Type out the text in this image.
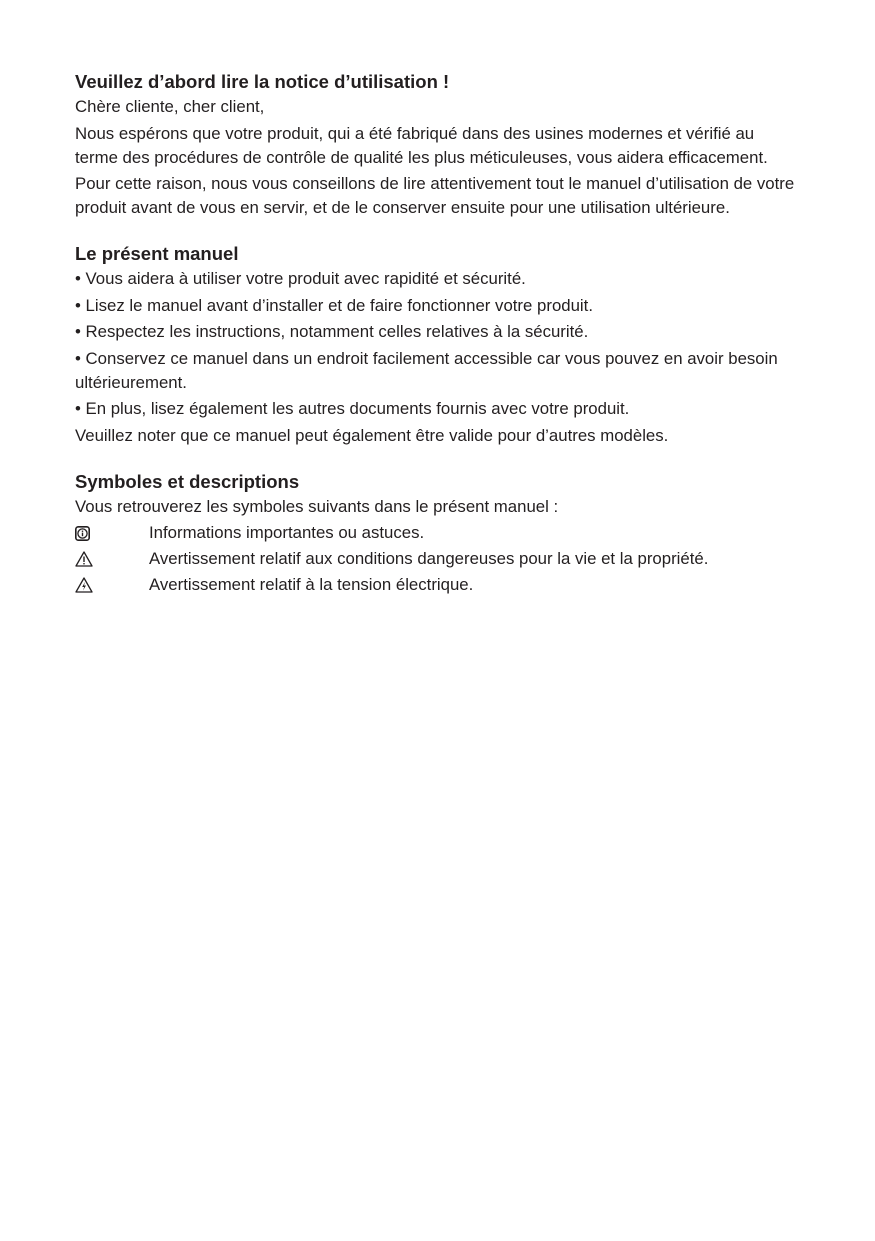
Veuillez d’abord lire la notice d’utilisation !

Chère cliente, cher client,

Nous espérons que votre produit, qui a été fabriqué dans des usines modernes et vérifié au terme des procédures de contrôle de qualité les plus méticuleuses, vous aidera efficacement.

Pour cette raison, nous vous conseillons de lire attentivement tout le manuel d’utilisation de votre produit avant de vous en servir, et de le conserver ensuite pour une utilisation ultérieure.

Le présent manuel

• Vous aidera à utiliser votre produit avec rapidité et sécurité.

• Lisez le manuel avant d’installer et de faire fonctionner votre produit.

• Respectez les instructions, notamment celles relatives à la sécurité.

• Conservez ce manuel dans un endroit facilement accessible car vous pouvez en avoir besoin ultérieurement.

• En plus, lisez également les autres documents fournis avec votre produit.

Veuillez noter que ce manuel peut également être valide pour d’autres modèles.

Symboles et descriptions

Vous retrouverez les symboles suivants dans le présent manuel :

Informations importantes ou astuces.
Avertissement relatif aux conditions dangereuses pour la vie et la propriété.
Avertissement relatif à la tension électrique.
